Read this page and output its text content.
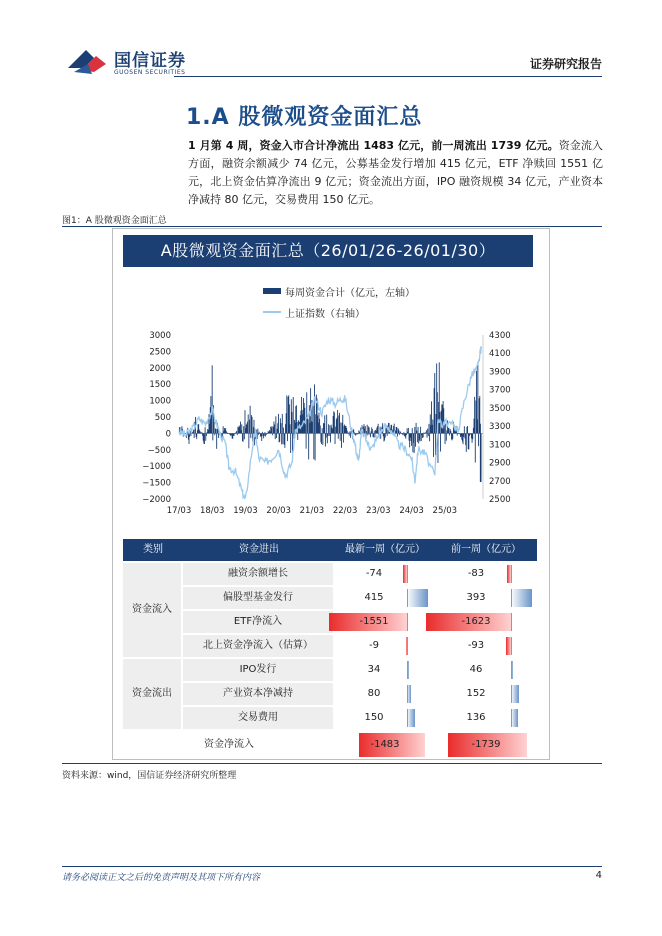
国信证券
GUOSEN SECURITIES
证券研究报告
1.A 股微观资金面汇总
1 月第 4 周，资金入市合计净流出 1483 亿元，前一周流出 1739 亿元。资金流入方面，融资余额减少 74 亿元，公募基金发行增加 415 亿元，ETF 净赎回 1551 亿元，北上资金估算净流出 9 亿元；资金流出方面，IPO 融资规模 34 亿元，产业资本净减持 80 亿元，交易费用 150 亿元。
图1：A 股微观资金面汇总
A股微观资金面汇总（26/01/26-26/01/30）
每周资金合计（亿元，左轴）
上证指数（右轴）
3000
2500
2000
1500
1000
500
0
−500
−1000
−1500
−2000
4300
4100
3900
3700
3500
3300
3100
2900
2700
2500
17/03 18/03 19/03 20/03 21/03 22/03 23/03 24/03 25/03
类别	资金进出	最新一周（亿元）	前一周（亿元）
资金流入
资金流出
融资余额增长	-74	-83
偏股型基金发行	415	393
ETF净流入	-1551	-1623
北上资金净流入（估算）	-9	-93
IPO发行	34	46
产业资本净减持	80	152
交易费用	150	136
资金净流入	-1483	-1739
资料来源：wind，国信证券经济研究所整理
请务必阅读正文之后的免责声明及其项下所有内容	4
